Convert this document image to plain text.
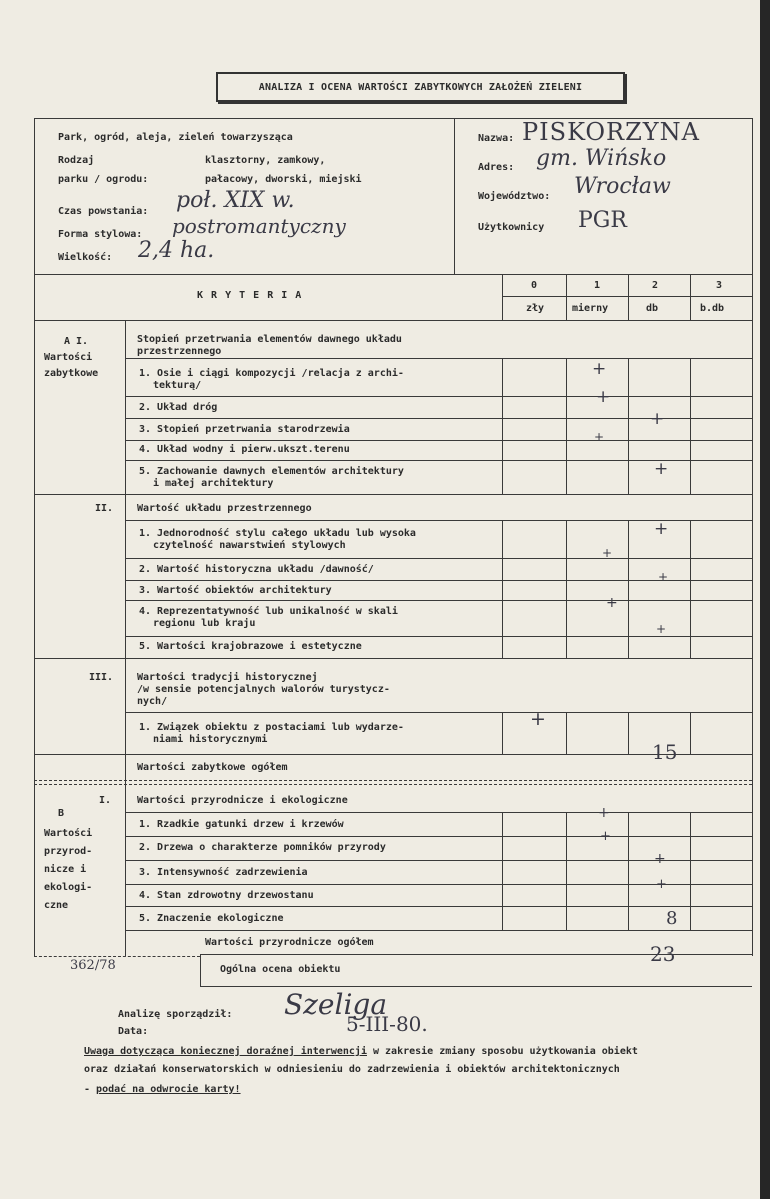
ANALIZA I OCENA WARTOŚCI ZABYTKOWYCH ZAŁOŻEŃ ZIELENI
Park, ogród, aleja, zieleń towarzysząca
Rodzaj
parku / ogrodu:
klasztorny, zamkowy,
pałacowy, dworski, miejski
Czas powstania: poł. XIX w.
Forma stylowa: postromantyczny
Wielkość: 2,4 ha.
Nazwa: PISKORZYNA
Adres: gm. Wińsko
Województwo: Wrocław
Użytkownicy PGR
K R Y T E R I A
0
zły
1
mierny
2
db
3
b.db
A I.
Wartości
zabytkowe
Stopień przetrwania elementów dawnego układu
przestrzennego
1. Osie i ciągi kompozycji /relacja z archi-
tekturą/
2. Układ dróg
3. Stopień przetrwania starodrzewia
4. Układ wodny i pierw.ukszt.terenu
5. Zachowanie dawnych elementów architektury
i małej architektury
II. Wartość układu przestrzennego
1. Jednorodność stylu całego układu lub wysoka
czytelność nawarstwień stylowych
2. Wartość historyczna układu /dawność/
3. Wartość obiektów architektury
4. Reprezentatywność lub unikalność w skali
regionu lub kraju
5. Wartości krajobrazowe i estetyczne
III. Wartości tradycji historycznej
/w sensie potencjalnych walorów turystycz-
nych/
1. Związek obiektu z postaciami lub wydarze-
niami historycznymi
+
+
+
+
+
+
+
+
+
+
+
Wartości zabytkowe ogółem
15
I.
B
Wartości
przyrod-
nicze i
ekologi-
czne
Wartości przyrodnicze i ekologiczne
1. Rzadkie gatunki drzew i krzewów
2. Drzewa o charakterze pomników przyrody
3. Intensywność zadrzewienia
4. Stan zdrowotny drzewostanu
5. Znaczenie ekologiczne
+
+
+
+
Wartości przyrodnicze ogółem
8
Ogólna ocena obiektu
23
362/78
Analizę sporządził: Szeliga
Data:	5-III-80.
Uwaga dotycząca koniecznej doraźnej interwencji w zakresie zmiany sposobu użytkowania obiekt
oraz działań konserwatorskich w odniesieniu do zadrzewienia i obiektów architektonicznych
- podać na odwrocie karty!
